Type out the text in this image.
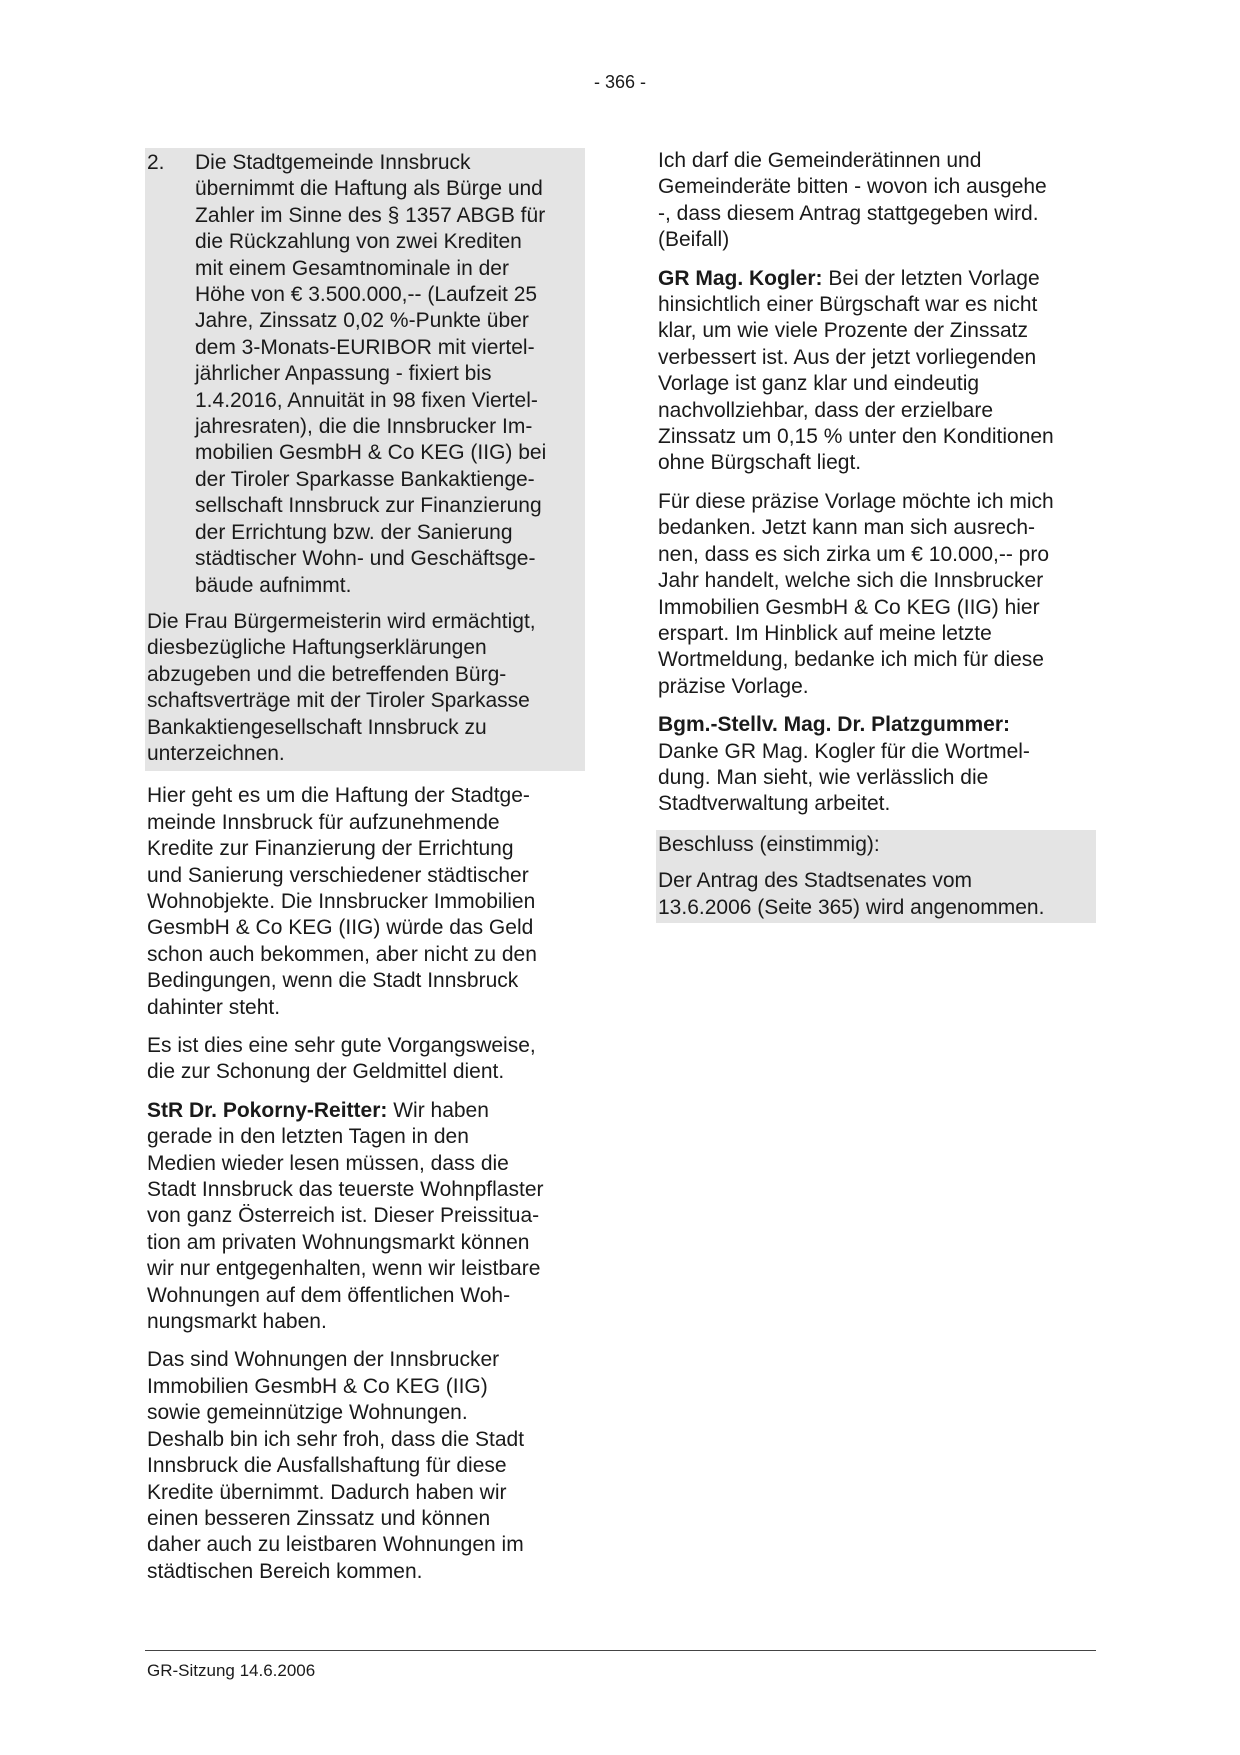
- 366 -
2.	Die Stadtgemeinde Innsbruck
übernimmt die Haftung als Bürge und
Zahler im Sinne des § 1357 ABGB für
die Rückzahlung von zwei Krediten
mit einem Gesamtnominale in der
Höhe von € 3.500.000,-- (Laufzeit 25
Jahre, Zinssatz 0,02 %-Punkte über
dem 3-Monats-EURIBOR mit viertel-
jährlicher Anpassung - fixiert bis
1.4.2016, Annuität in 98 fixen Viertel-
jahresraten), die die Innsbrucker Im-
mobilien GesmbH & Co KEG (IIG) bei
der Tiroler Sparkasse Bankaktienge-
sellschaft Innsbruck zur Finanzierung
der Errichtung bzw. der Sanierung
städtischer Wohn- und Geschäftsge-
bäude aufnimmt.
Die Frau Bürgermeisterin wird ermächtigt,
diesbezügliche Haftungserklärungen
abzugeben und die betreffenden Bürg-
schaftsverträge mit der Tiroler Sparkasse
Bankaktiengesellschaft Innsbruck zu
unterzeichnen.

Hier geht es um die Haftung der Stadtge-
meinde Innsbruck für aufzunehmende
Kredite zur Finanzierung der Errichtung
und Sanierung verschiedener städtischer
Wohnobjekte. Die Innsbrucker Immobilien
GesmbH & Co KEG (IIG) würde das Geld
schon auch bekommen, aber nicht zu den
Bedingungen, wenn die Stadt Innsbruck
dahinter steht.

Es ist dies eine sehr gute Vorgangsweise,
die zur Schonung der Geldmittel dient.

StR Dr. Pokorny-Reitter: Wir haben
gerade in den letzten Tagen in den
Medien wieder lesen müssen, dass die
Stadt Innsbruck das teuerste Wohnpflaster
von ganz Österreich ist. Dieser Preissitua-
tion am privaten Wohnungsmarkt können
wir nur entgegenhalten, wenn wir leistbare
Wohnungen auf dem öffentlichen Woh-
nungsmarkt haben.

Das sind Wohnungen der Innsbrucker
Immobilien GesmbH & Co KEG (IIG)
sowie gemeinnützige Wohnungen.
Deshalb bin ich sehr froh, dass die Stadt
Innsbruck die Ausfallshaftung für diese
Kredite übernimmt. Dadurch haben wir
einen besseren Zinssatz und können
daher auch zu leistbaren Wohnungen im
städtischen Bereich kommen.

Ich darf die Gemeinderätinnen und
Gemeinderäte bitten - wovon ich ausgehe
-, dass diesem Antrag stattgegeben wird.
(Beifall)

GR Mag. Kogler: Bei der letzten Vorlage
hinsichtlich einer Bürgschaft war es nicht
klar, um wie viele Prozente der Zinssatz
verbessert ist. Aus der jetzt vorliegenden
Vorlage ist ganz klar und eindeutig
nachvollziehbar, dass der erzielbare
Zinssatz um 0,15 % unter den Konditionen
ohne Bürgschaft liegt.

Für diese präzise Vorlage möchte ich mich
bedanken. Jetzt kann man sich ausrech-
nen, dass es sich zirka um € 10.000,-- pro
Jahr handelt, welche sich die Innsbrucker
Immobilien GesmbH & Co KEG (IIG) hier
erspart. Im Hinblick auf meine letzte
Wortmeldung, bedanke ich mich für diese
präzise Vorlage.

Bgm.-Stellv. Mag. Dr. Platzgummer:
Danke GR Mag. Kogler für die Wortmel-
dung. Man sieht, wie verlässlich die
Stadtverwaltung arbeitet.

Beschluss (einstimmig):

Der Antrag des Stadtsenates vom
13.6.2006 (Seite 365) wird angenommen.

GR-Sitzung 14.6.2006
